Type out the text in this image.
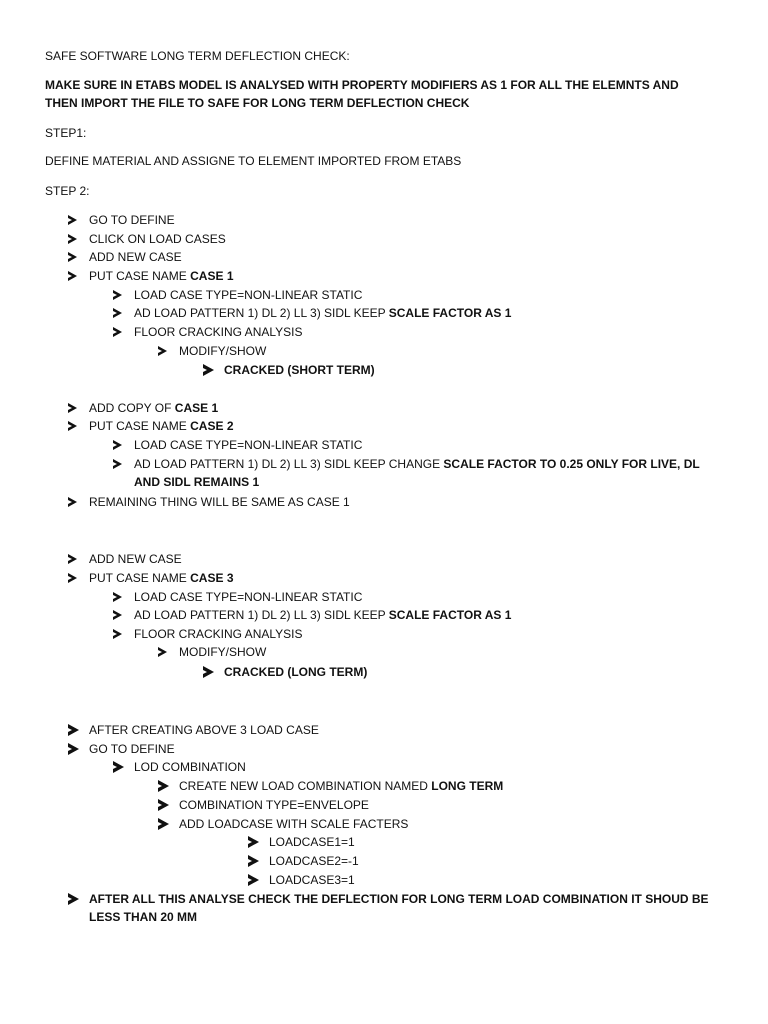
SAFE SOFTWARE LONG TERM DEFLECTION CHECK:
MAKE SURE IN ETABS MODEL IS ANALYSED WITH PROPERTY MODIFIERS AS 1 FOR ALL THE ELEMNTS AND THEN IMPORT THE FILE TO SAFE FOR LONG TERM DEFLECTION CHECK
STEP1:
DEFINE MATERIAL AND ASSIGNE TO ELEMENT IMPORTED FROM ETABS
STEP 2:
GO TO DEFINE
CLICK ON LOAD CASES
ADD NEW CASE
PUT CASE NAME CASE 1
LOAD CASE TYPE=NON-LINEAR STATIC
AD LOAD PATTERN 1) DL 2) LL 3) SIDL KEEP SCALE FACTOR AS 1
FLOOR CRACKING ANALYSIS
MODIFY/SHOW
CRACKED (SHORT TERM)
ADD COPY OF CASE 1
PUT CASE NAME CASE 2
LOAD CASE TYPE=NON-LINEAR STATIC
AD LOAD PATTERN 1) DL 2) LL 3) SIDL KEEP CHANGE SCALE FACTOR TO 0.25 ONLY FOR LIVE, DL AND SIDL REMAINS 1
REMAINING THING WILL BE SAME AS CASE 1
ADD NEW CASE
PUT CASE NAME CASE 3
LOAD CASE TYPE=NON-LINEAR STATIC
AD LOAD PATTERN 1) DL 2) LL 3) SIDL KEEP SCALE FACTOR AS 1
FLOOR CRACKING ANALYSIS
MODIFY/SHOW
CRACKED (LONG TERM)
AFTER CREATING ABOVE 3 LOAD CASE
GO TO DEFINE
LOD COMBINATION
CREATE NEW LOAD COMBINATION NAMED LONG TERM
COMBINATION TYPE=ENVELOPE
ADD LOADCASE WITH SCALE FACTERS
LOADCASE1=1
LOADCASE2=-1
LOADCASE3=1
AFTER ALL THIS ANALYSE CHECK THE DEFLECTION FOR LONG TERM LOAD COMBINATION IT SHOUD BE LESS THAN 20 MM
